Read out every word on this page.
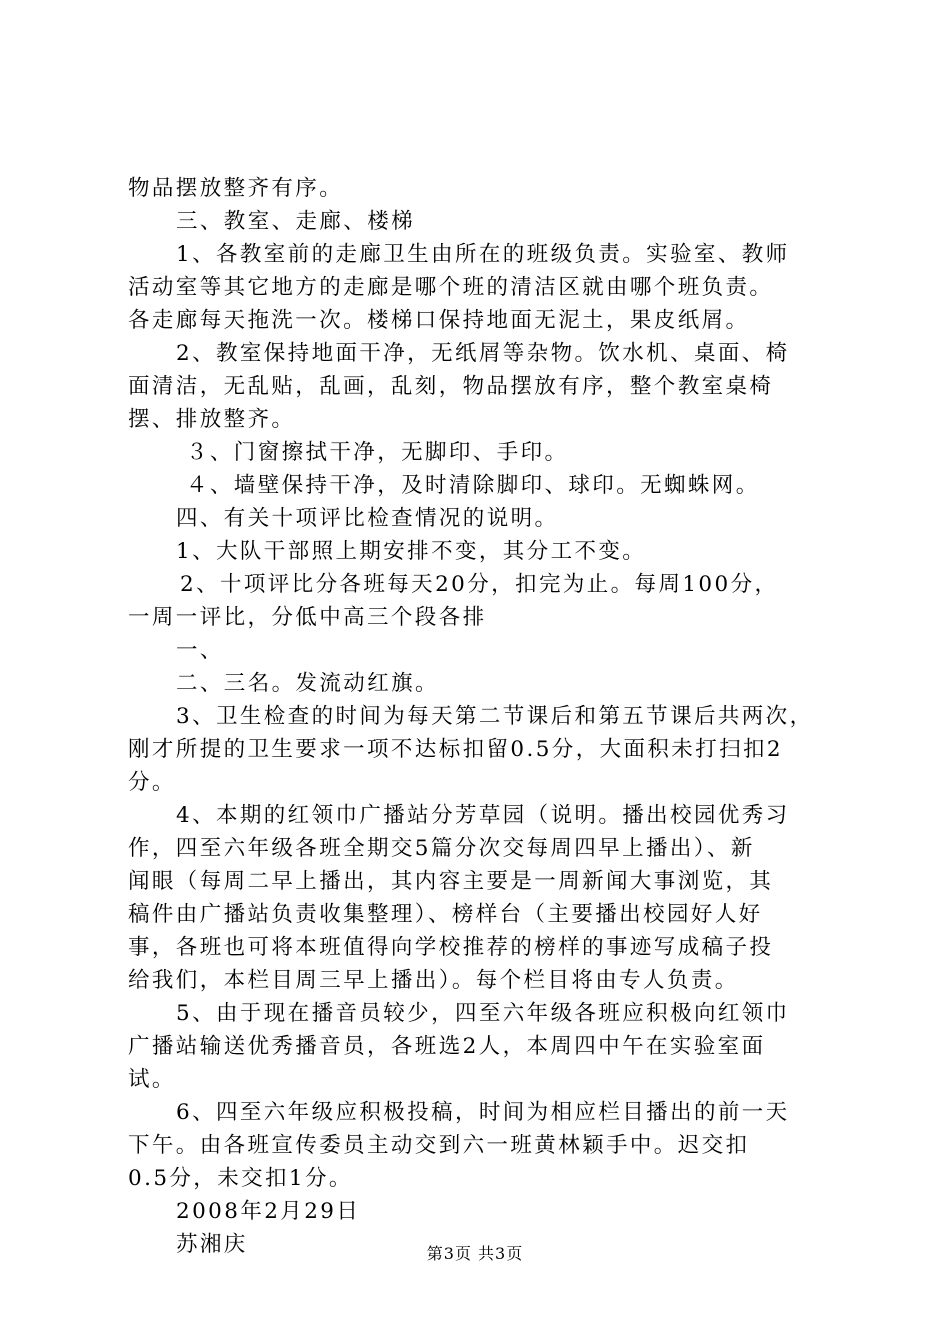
物品摆放整齐有序。
三、教室、走廊、楼梯
1、各教室前的走廊卫生由所在的班级负责。实验室、教师
活动室等其它地方的走廊是哪个班的清洁区就由哪个班负责。
各走廊每天拖洗一次。楼梯口保持地面无泥土，果皮纸屑。
2、教室保持地面干净，无纸屑等杂物。饮水机、桌面、椅
面清洁，无乱贴，乱画，乱刻，物品摆放有序，整个教室桌椅
摆、排放整齐。
３、门窗擦拭干净，无脚印、手印。
４、墙壁保持干净，及时清除脚印、球印。无蜘蛛网。
四、有关十项评比检查情况的说明。
1、大队干部照上期安排不变，其分工不变。
2、十项评比分各班每天20分，扣完为止。每周100分，
一周一评比，分低中高三个段各排
一、
二、三名。发流动红旗。
3、卫生检查的时间为每天第二节课后和第五节课后共两次，
刚才所提的卫生要求一项不达标扣留0.5分，大面积未打扫扣2
分。
4、本期的红领巾广播站分芳草园（说明。播出校园优秀习
作，四至六年级各班全期交5篇分次交每周四早上播出）、新
闻眼（每周二早上播出，其内容主要是一周新闻大事浏览，其
稿件由广播站负责收集整理）、榜样台（主要播出校园好人好
事，各班也可将本班值得向学校推荐的榜样的事迹写成稿子投
给我们，本栏目周三早上播出）。每个栏目将由专人负责。
5、由于现在播音员较少，四至六年级各班应积极向红领巾
广播站输送优秀播音员，各班选2人，本周四中午在实验室面
试。
6、四至六年级应积极投稿，时间为相应栏目播出的前一天
下午。由各班宣传委员主动交到六一班黄林颖手中。迟交扣
0.5分，未交扣1分。
2008年2月29日
苏湘庆	第3页 共3页
